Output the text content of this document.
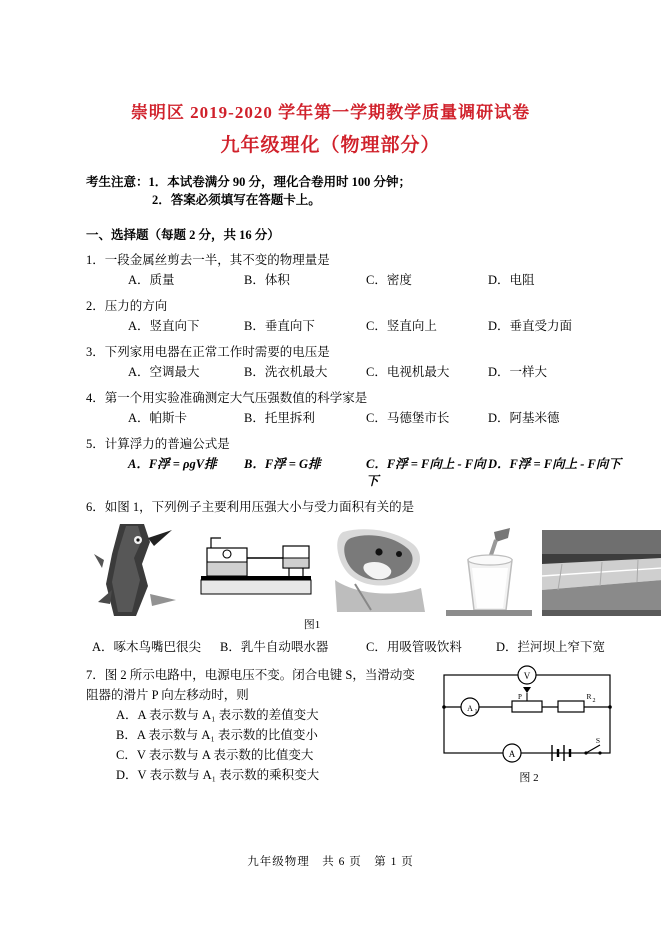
崇明区 2019-2020 学年第一学期教学质量调研试卷
九年级理化（物理部分）
考生注意：1．本试卷满分 90 分，理化合卷用时 100 分钟；
2．答案必须填写在答题卡上。
一、选择题（每题 2 分，共 16 分）
1．一段金属丝剪去一半，其不变的物理量是
A．质量	B．体积	C．密度	D．电阻
2．压力的方向
A．竖直向下	B．垂直向下	C．竖直向上	D．垂直受力面
3．下列家用电器在正常工作时需要的电压是
A．空调最大	B．洗衣机最大	C．电视机最大	D．一样大
4．第一个用实验准确测定大气压强数值的科学家是
A．帕斯卡	B．托里拆利	C．马德堡市长	D．阿基米德
5．计算浮力的普遍公式是
A．F浮 = ρgV排	B．F浮 = G排	C．F浮 = F向上 - F向下
D．F浮 = F向上 - F向下
6．如图 1，下列例子主要利用压强大小与受力面积有关的是
图1
A．啄木鸟嘴巴很尖	B．乳牛自动喂水器	C．用吸管吸饮料	D．拦河坝上窄下宽
7．图 2 所示电路中，电源电压不变。闭合电键 S，当滑动变阻器的滑片 P 向左移动时，则
A．A 表示数与 A₁ 表示数的差值变大
B．A 表示数与 A₁ 表示数的比值变小
C．V 表示数与 A 表示数的比值变大
D．V 表示数与 A₁ 表示数的乘积变大
V
A 1
P	R 2
A
S
图 2
九年级物理　共 6 页　第 1 页
